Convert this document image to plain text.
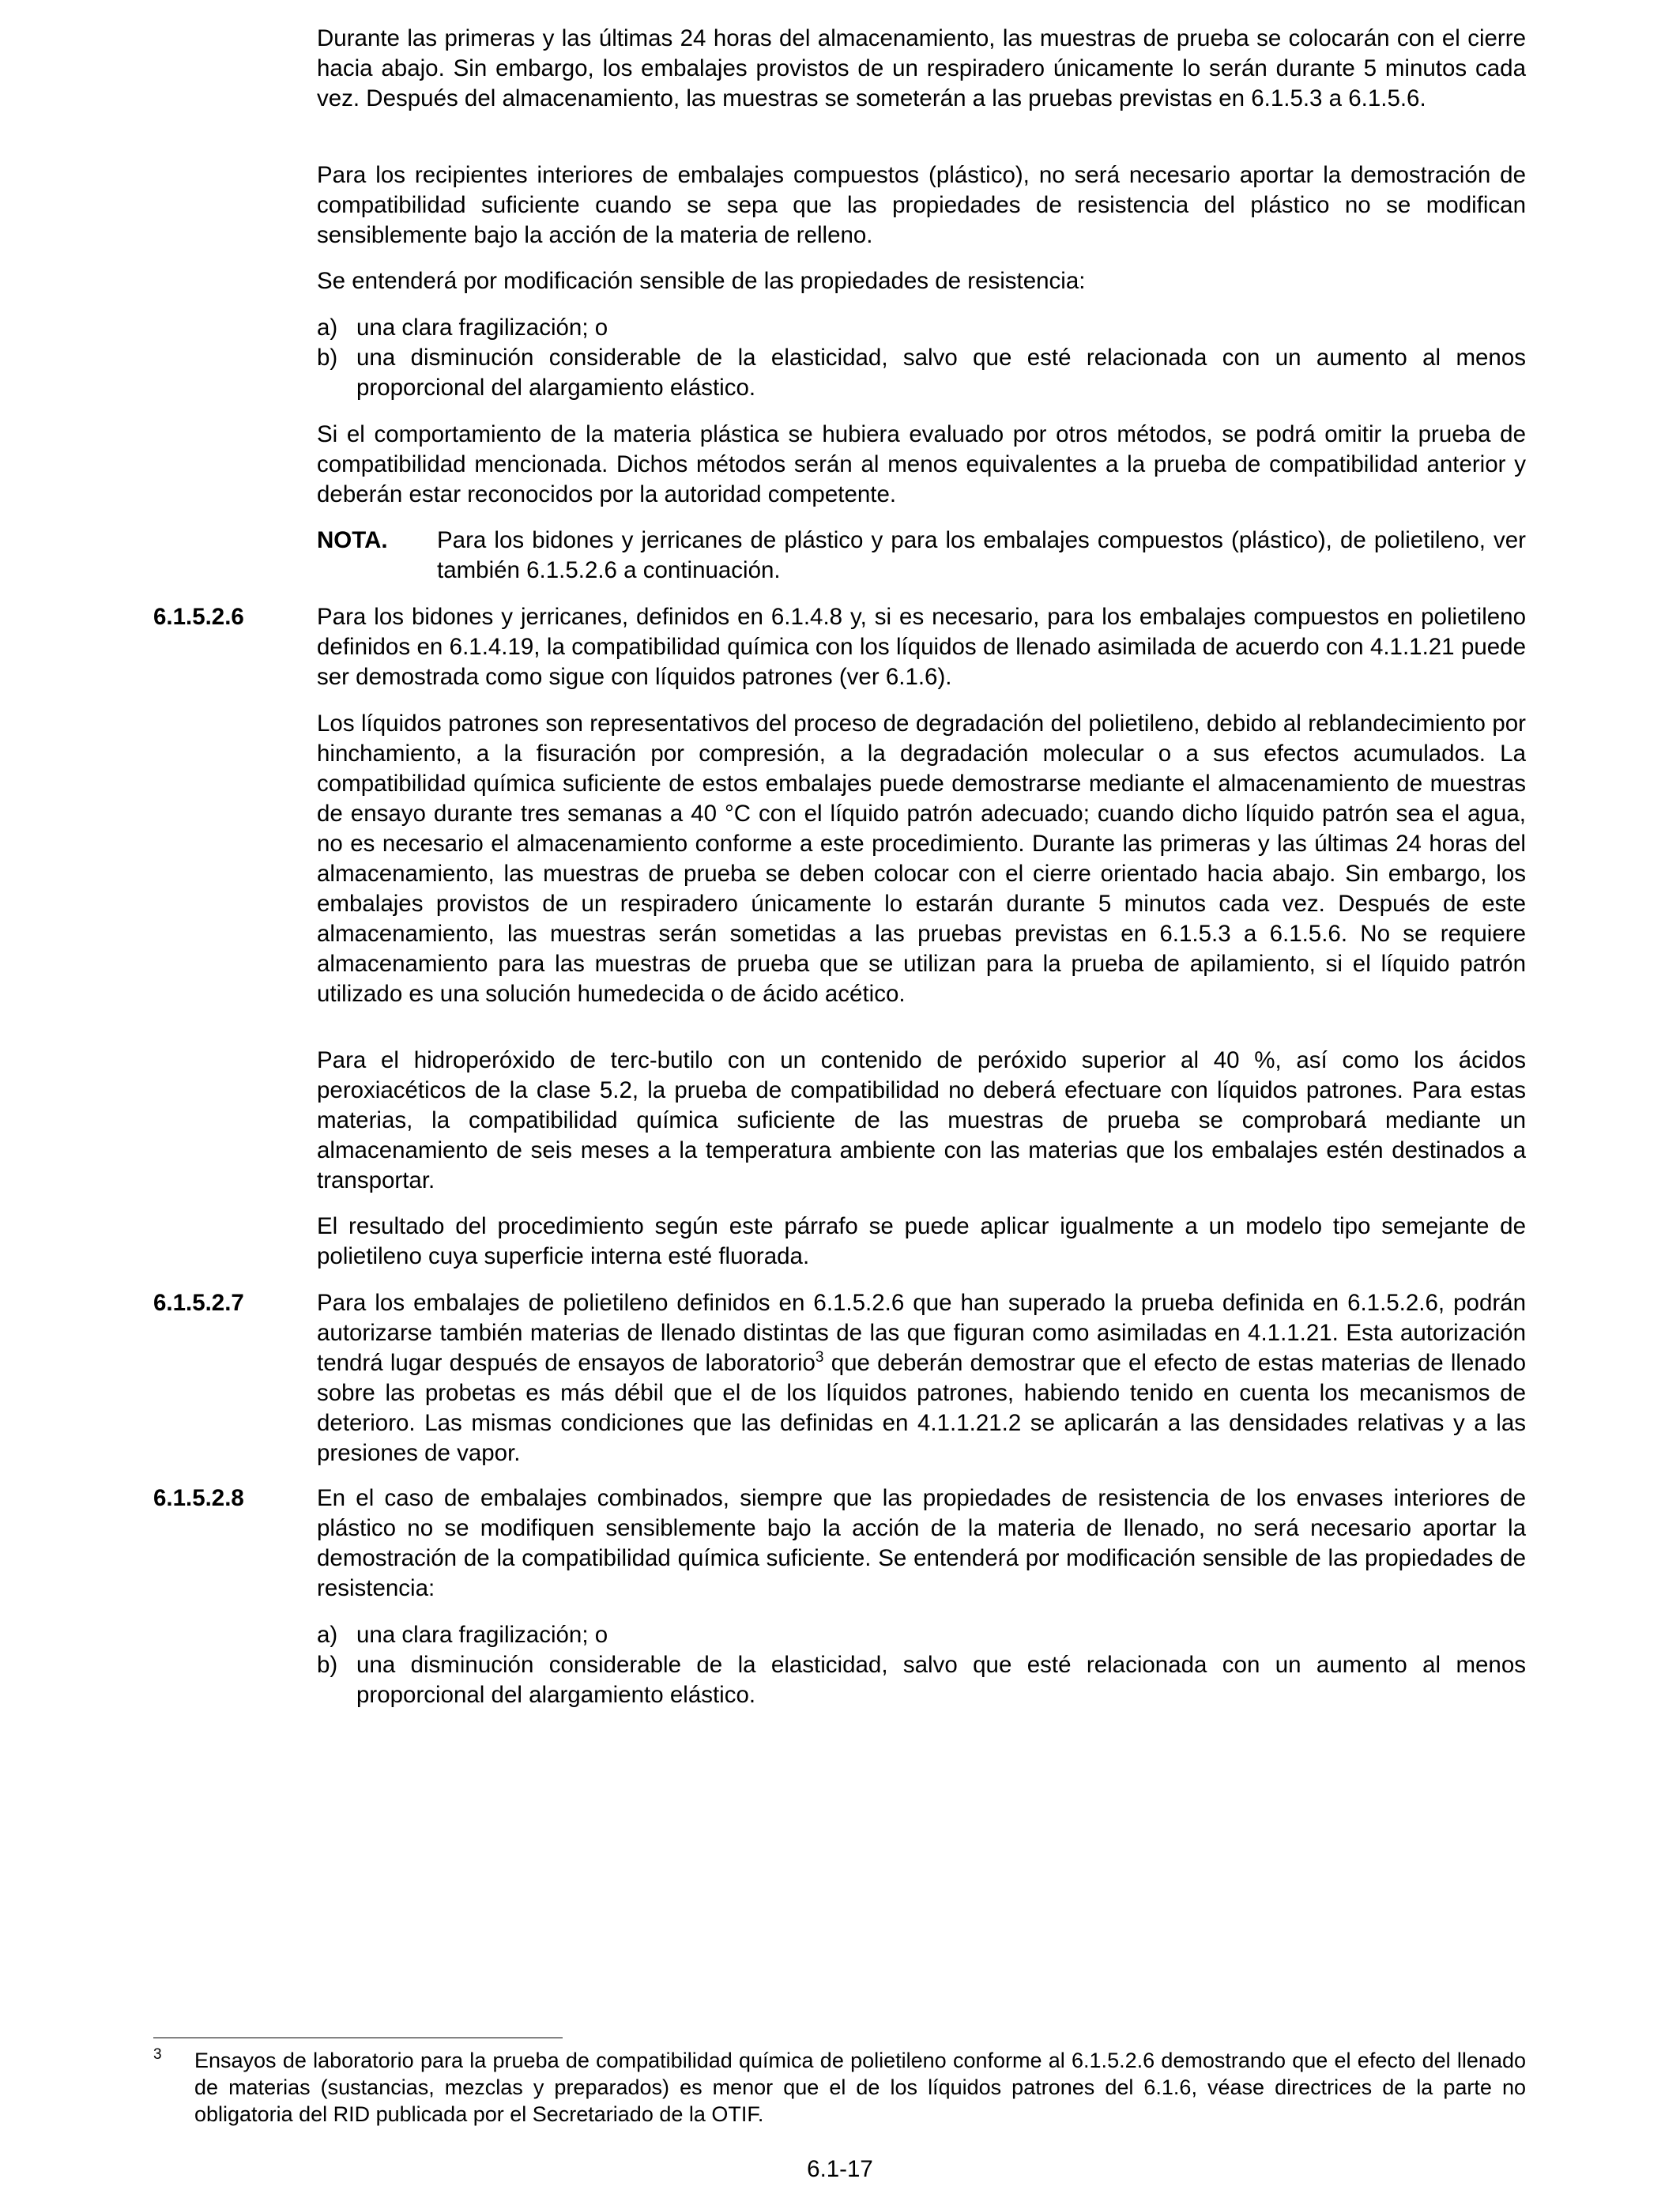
Durante las primeras y las últimas 24 horas del almacenamiento, las muestras de prueba se colocarán con el cierre hacia abajo. Sin embargo, los embalajes provistos de un respiradero únicamente lo serán durante 5 minutos cada vez. Después del almacenamiento, las muestras se someterán a las pruebas previstas en 6.1.5.3 a 6.1.5.6.

Para los recipientes interiores de embalajes compuestos (plástico), no será necesario aportar la demostración de compatibilidad suficiente cuando se sepa que las propiedades de resistencia del plástico no se modifican sensiblemente bajo la acción de la materia de relleno.

Se entenderá por modificación sensible de las propiedades de resistencia:

a) una clara fragilización; o
b) una disminución considerable de la elasticidad, salvo que esté relacionada con un aumento al menos proporcional del alargamiento elástico.

Si el comportamiento de la materia plástica se hubiera evaluado por otros métodos, se podrá omitir la prueba de compatibilidad mencionada. Dichos métodos serán al menos equivalentes a la prueba de compatibilidad anterior y deberán estar reconocidos por la autoridad competente.

NOTA. Para los bidones y jerricanes de plástico y para los embalajes compuestos (plástico), de polietileno, ver también 6.1.5.2.6 a continuación.
6.1.5.2.6	Para los bidones y jerricanes, definidos en 6.1.4.8 y, si es necesario, para los embalajes compuestos en polietileno definidos en 6.1.4.19, la compatibilidad química con los líquidos de llenado asimilada de acuerdo con 4.1.1.21 puede ser demostrada como sigue con líquidos patrones (ver 6.1.6).

Los líquidos patrones son representativos del proceso de degradación del polietileno, debido al reblandecimiento por hinchamiento, a la fisuración por compresión, a la degradación molecular o a sus efectos acumulados. La compatibilidad química suficiente de estos embalajes puede demostrarse mediante el almacenamiento de muestras de ensayo durante tres semanas a 40 °C con el líquido patrón adecuado; cuando dicho líquido patrón sea el agua, no es necesario el almacenamiento conforme a este procedimiento. Durante las primeras y las últimas 24 horas del almacenamiento, las muestras de prueba se deben colocar con el cierre orientado hacia abajo. Sin embargo, los embalajes provistos de un respiradero únicamente lo estarán durante 5 minutos cada vez. Después de este almacenamiento, las muestras serán sometidas a las pruebas previstas en 6.1.5.3 a 6.1.5.6. No se requiere almacenamiento para las muestras de prueba que se utilizan para la prueba de apilamiento, si el líquido patrón utilizado es una solución humedecida o de ácido acético.

Para el hidroperóxido de terc-butilo con un contenido de peróxido superior al 40 %, así como los ácidos peroxiacéticos de la clase 5.2, la prueba de compatibilidad no deberá efectuare con líquidos patrones. Para estas materias, la compatibilidad química suficiente de las muestras de prueba se comprobará mediante un almacenamiento de seis meses a la temperatura ambiente con las materias que los embalajes estén destinados a transportar.

El resultado del procedimiento según este párrafo se puede aplicar igualmente a un modelo tipo semejante de polietileno cuya superficie interna esté fluorada.

6.1.5.2.7	Para los embalajes de polietileno definidos en 6.1.5.2.6 que han superado la prueba definida en 6.1.5.2.6, podrán autorizarse también materias de llenado distintas de las que figuran como asimiladas en 4.1.1.21. Esta autorización tendrá lugar después de ensayos de laboratorio$^3$ que deberán demostrar que el efecto de estas materias de llenado sobre las probetas es más débil que el de los líquidos patrones, habiendo tenido en cuenta los mecanismos de deterioro. Las mismas condiciones que las definidas en 4.1.1.21.2 se aplicarán a las densidades relativas y a las presiones de vapor.

6.1.5.2.8	En el caso de embalajes combinados, siempre que las propiedades de resistencia de los envases interiores de plástico no se modifiquen sensiblemente bajo la acción de la materia de llenado, no será necesario aportar la demostración de la compatibilidad química suficiente. Se entenderá por modificación sensible de las propiedades de resistencia:

a) una clara fragilización; o
b) una disminución considerable de la elasticidad, salvo que esté relacionada con un aumento al menos proporcional del alargamiento elástico.
3 Ensayos de laboratorio para la prueba de compatibilidad química de polietileno conforme al 6.1.5.2.6 demostrando que el efecto del llenado de materias (sustancias, mezclas y preparados) es menor que el de los líquidos patrones del 6.1.6, véase directrices de la parte no obligatoria del RID publicada por el Secretariado de la OTIF.

6.1-17
